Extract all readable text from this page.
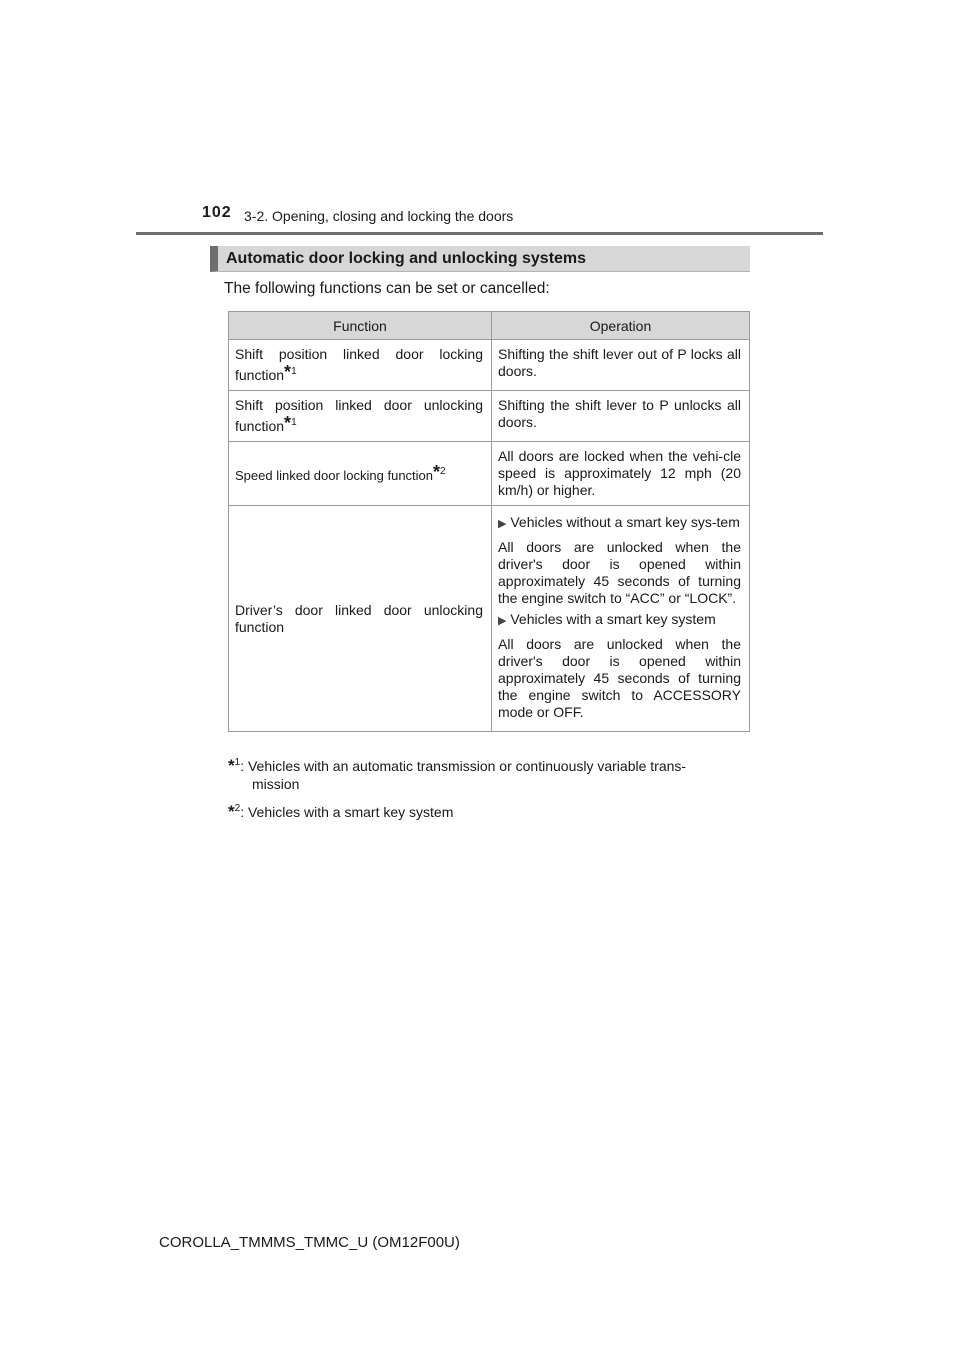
102 3-2. Opening, closing and locking the doors
Automatic door locking and unlocking systems
The following functions can be set or cancelled:
Function	Operation
Shift position linked door locking function*$^1$	Shifting the shift lever out of P locks all doors.
Shift position linked door unlocking function*$^1$	Shifting the shift lever to P unlocks all doors.
Speed linked door locking function*$^2$	All doors are locked when the vehi-cle speed is approximately 12 mph (20 km/h) or higher.
Driver’s door linked door unlocking function	▶ Vehicles without a smart key sys-tem
All doors are unlocked when the driver's door is opened within approximately 45 seconds of turning the engine switch to “ACC” or “LOCK”.
▶ Vehicles with a smart key system
All doors are unlocked when the driver's door is opened within approximately 45 seconds of turning the engine switch to ACCESSORY mode or OFF.
*$^1$: Vehicles with an automatic transmission or continuously variable trans-
mission
*$^2$: Vehicles with a smart key system
COROLLA_TMMMS_TMMC_U (OM12F00U)
